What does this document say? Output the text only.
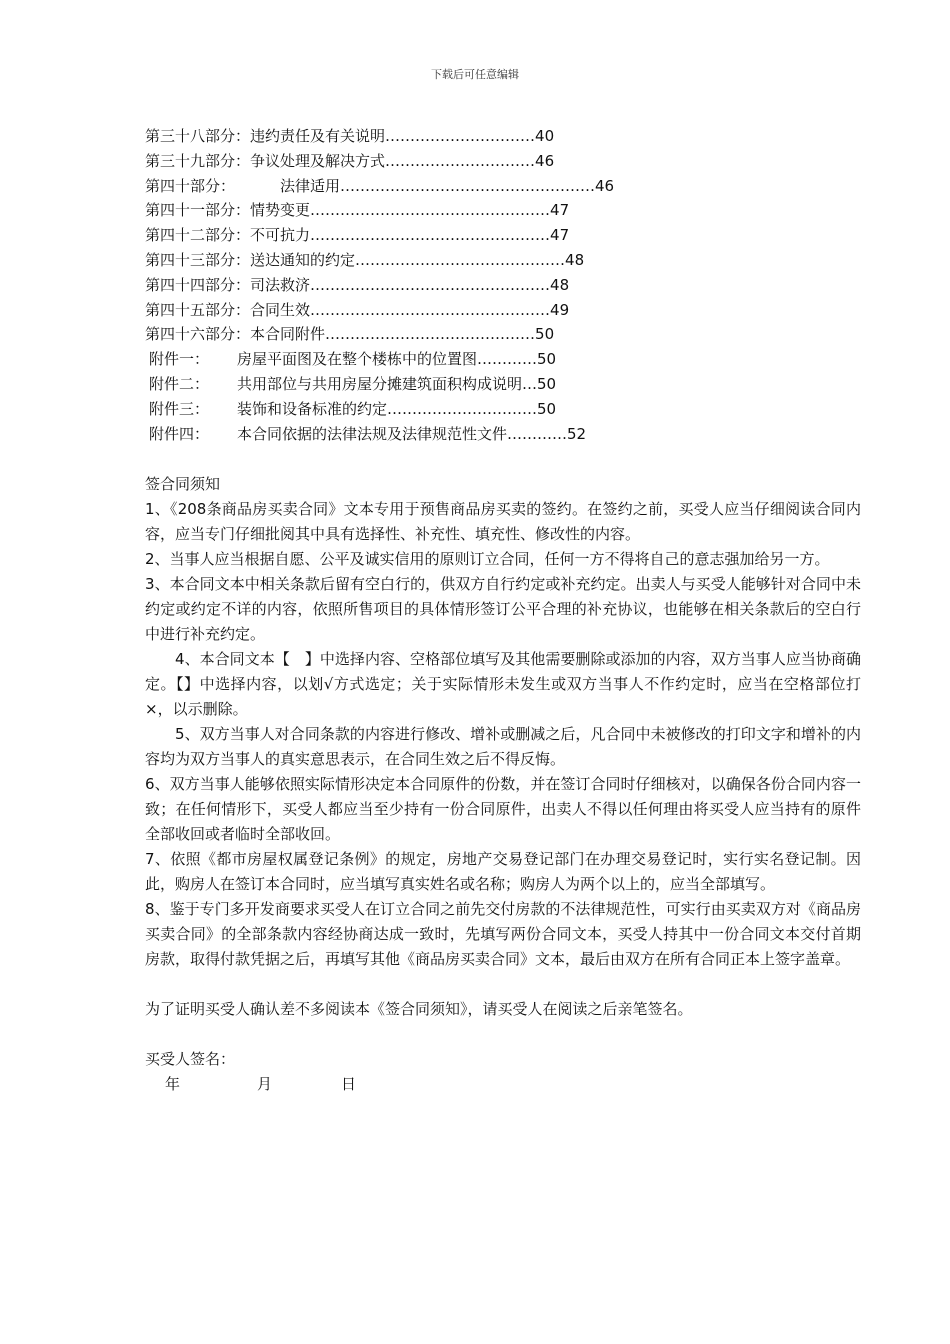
下载后可任意编辑
第三十八部分： 违约责任及有关说明 ………………………… 40
第三十九部分： 争议处理及解决方式 ………………………… 46
第四十部分：	法律适用 …………………………………………… 46
第四十一部分： 情势变更 ………………………………………… 47
第四十二部分： 不可抗力 ………………………………………… 47
第四十三部分： 送达通知的约定 …………………………………… 48
第四十四部分： 司法救济 ………………………………………… 48
第四十五部分： 合同生效 ………………………………………… 49
第四十六部分： 本合同附件 …………………………………… 50
附件一：	房屋平面图及在整个楼栋中的位置图 ………… 50
附件二：	共用部位与共用房屋分摊建筑面积构成说明 … 50
附件三：	装饰和设备标准的约定 ………………………… 50
附件四：	本合同依据的法律法规及法律规范性文件 ………… 52

签合同须知

1、《208条商品房买卖合同》文本专用于预售商品房买卖的签约。在签约之前，买受人应当仔细阅读合同内容，应当专门仔细批阅其中具有选择性、补充性、填充性、修改性的内容。

2、当事人应当根据自愿、公平及诚实信用的原则订立合同，任何一方不得将自己的意志强加给另一方。

3、本合同文本中相关条款后留有空白行的，供双方自行约定或补充约定。出卖人与买受人能够针对合同中未约定或约定不详的内容，依照所售项目的具体情形签订公平合理的补充协议，也能够在相关条款后的空白行中进行补充约定。

4、本合同文本【　】中选择内容、空格部位填写及其他需要删除或添加的内容，双方当事人应当协商确定。【】中选择内容，以划√方式选定；关于实际情形未发生或双方当事人不作约定时，应当在空格部位打×，以示删除。

5、双方当事人对合同条款的内容进行修改、增补或删减之后，凡合同中未被修改的打印文字和增补的内容均为双方当事人的真实意思表示，在合同生效之后不得反悔。

6、双方当事人能够依照实际情形决定本合同原件的份数，并在签订合同时仔细核对，以确保各份合同内容一致；在任何情形下，买受人都应当至少持有一份合同原件，出卖人不得以任何理由将买受人应当持有的原件全部收回或者临时全部收回。

7、依照《都市房屋权属登记条例》的规定，房地产交易登记部门在办理交易登记时，实行实名登记制。因此，购房人在签订本合同时，应当填写真实姓名或名称；购房人为两个以上的，应当全部填写。

8、鉴于专门多开发商要求买受人在订立合同之前先交付房款的不法律规范性，可实行由买卖双方对《商品房买卖合同》的全部条款内容经协商达成一致时，先填写两份合同文本，买受人持其中一份合同文本交付首期房款，取得付款凭据之后，再填写其他《商品房买卖合同》文本，最后由双方在所有合同正本上签字盖章。

为了证明买受人确认差不多阅读本《签合同须知》，请买受人在阅读之后亲笔签名。

买受人签名：

年	月	日
